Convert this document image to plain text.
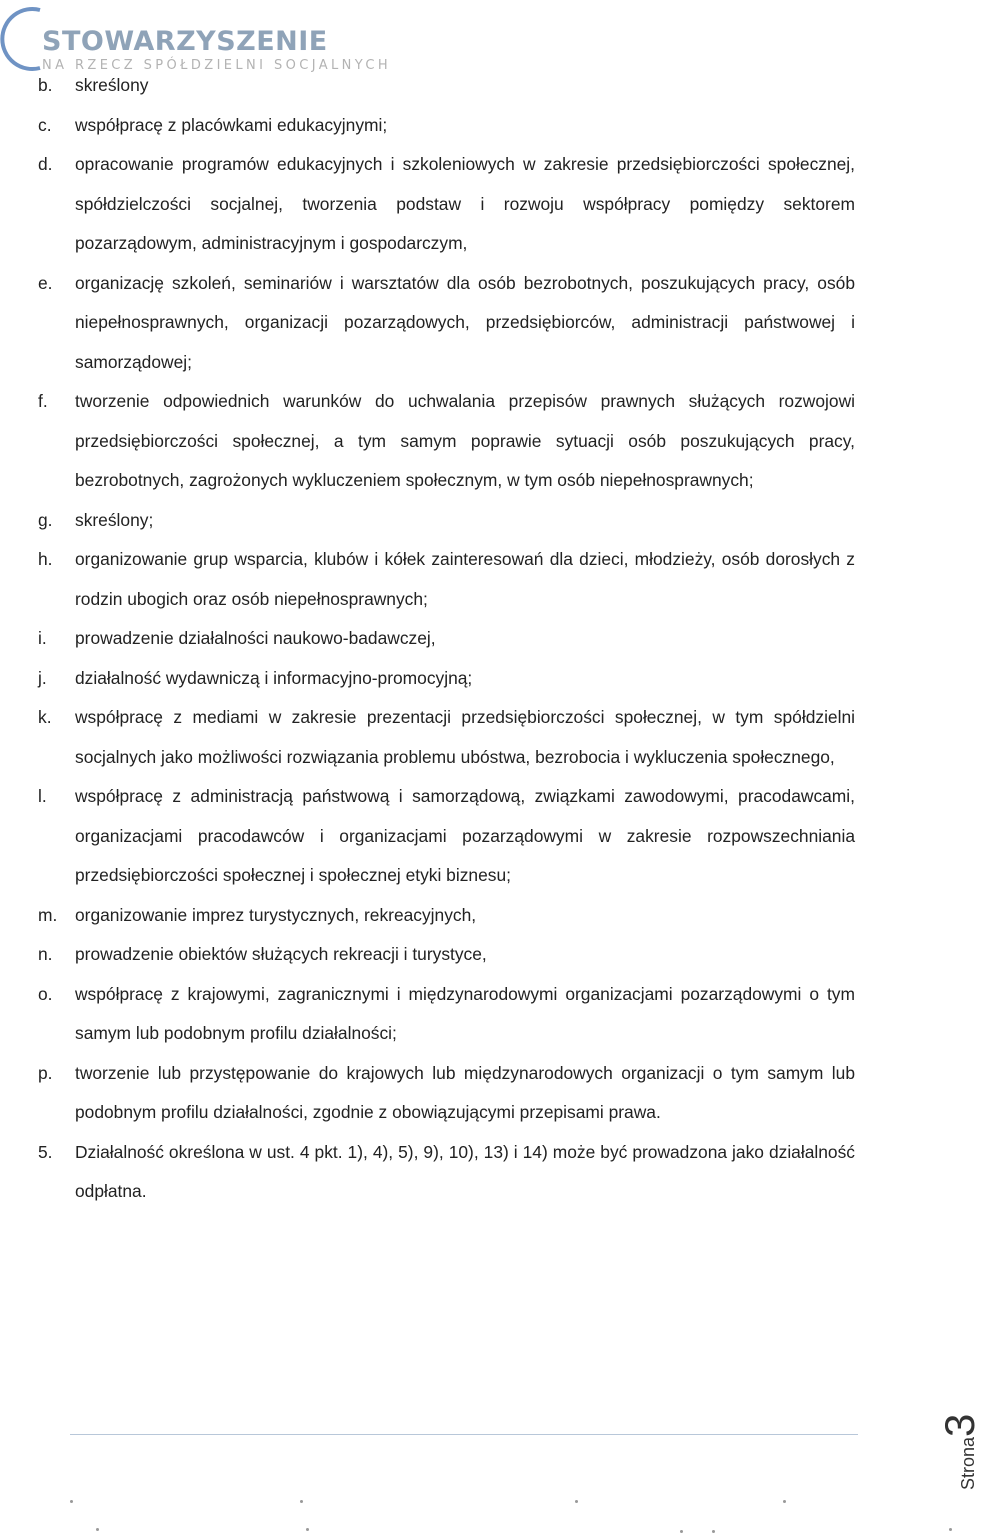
STOWARZYSZENIE
NA RZECZ SPÓŁDZIELNI SOCJALNYCH
b. skreślony
c. współpracę z placówkami edukacyjnymi;
d. opracowanie programów edukacyjnych i szkoleniowych w zakresie przedsiębiorczości społecznej, spółdzielczości socjalnej, tworzenia podstaw i rozwoju współpracy pomiędzy sektorem pozarządowym, administracyjnym i gospodarczym,
e. organizację szkoleń, seminariów i warsztatów dla osób bezrobotnych, poszukujących pracy, osób niepełnosprawnych, organizacji pozarządowych, przedsiębiorców, administracji państwowej i samorządowej;
f. tworzenie odpowiednich warunków do uchwalania przepisów prawnych służących rozwojowi przedsiębiorczości społecznej, a tym samym poprawie sytuacji osób poszukujących pracy, bezrobotnych, zagrożonych wykluczeniem społecznym, w tym osób niepełnosprawnych;
g. skreślony;
h. organizowanie grup wsparcia, klubów i kółek zainteresowań dla dzieci, młodzieży, osób dorosłych z rodzin ubogich oraz osób niepełnosprawnych;
i. prowadzenie działalności naukowo-badawczej,
j. działalność wydawniczą i informacyjno-promocyjną;
k. współpracę z mediami w zakresie prezentacji przedsiębiorczości społecznej, w tym spółdzielni socjalnych jako możliwości rozwiązania problemu ubóstwa, bezrobocia i wykluczenia społecznego,
l. współpracę z administracją państwową i samorządową, związkami zawodowymi, pracodawcami, organizacjami pracodawców i organizacjami pozarządowymi w zakresie rozpowszechniania przedsiębiorczości społecznej i społecznej etyki biznesu;
m. organizowanie imprez turystycznych, rekreacyjnych,
n. prowadzenie obiektów służących rekreacji i turystyce,
o. współpracę z krajowymi, zagranicznymi i międzynarodowymi organizacjami pozarządowymi o tym samym lub podobnym profilu działalności;
p. tworzenie lub przystępowanie do krajowych lub międzynarodowych organizacji o tym samym lub podobnym profilu działalności, zgodnie z obowiązującymi przepisami prawa.
5. Działalność określona w ust. 4 pkt. 1), 4), 5), 9), 10), 13) i 14) może być prowadzona jako działalność odpłatna.
Strona3
